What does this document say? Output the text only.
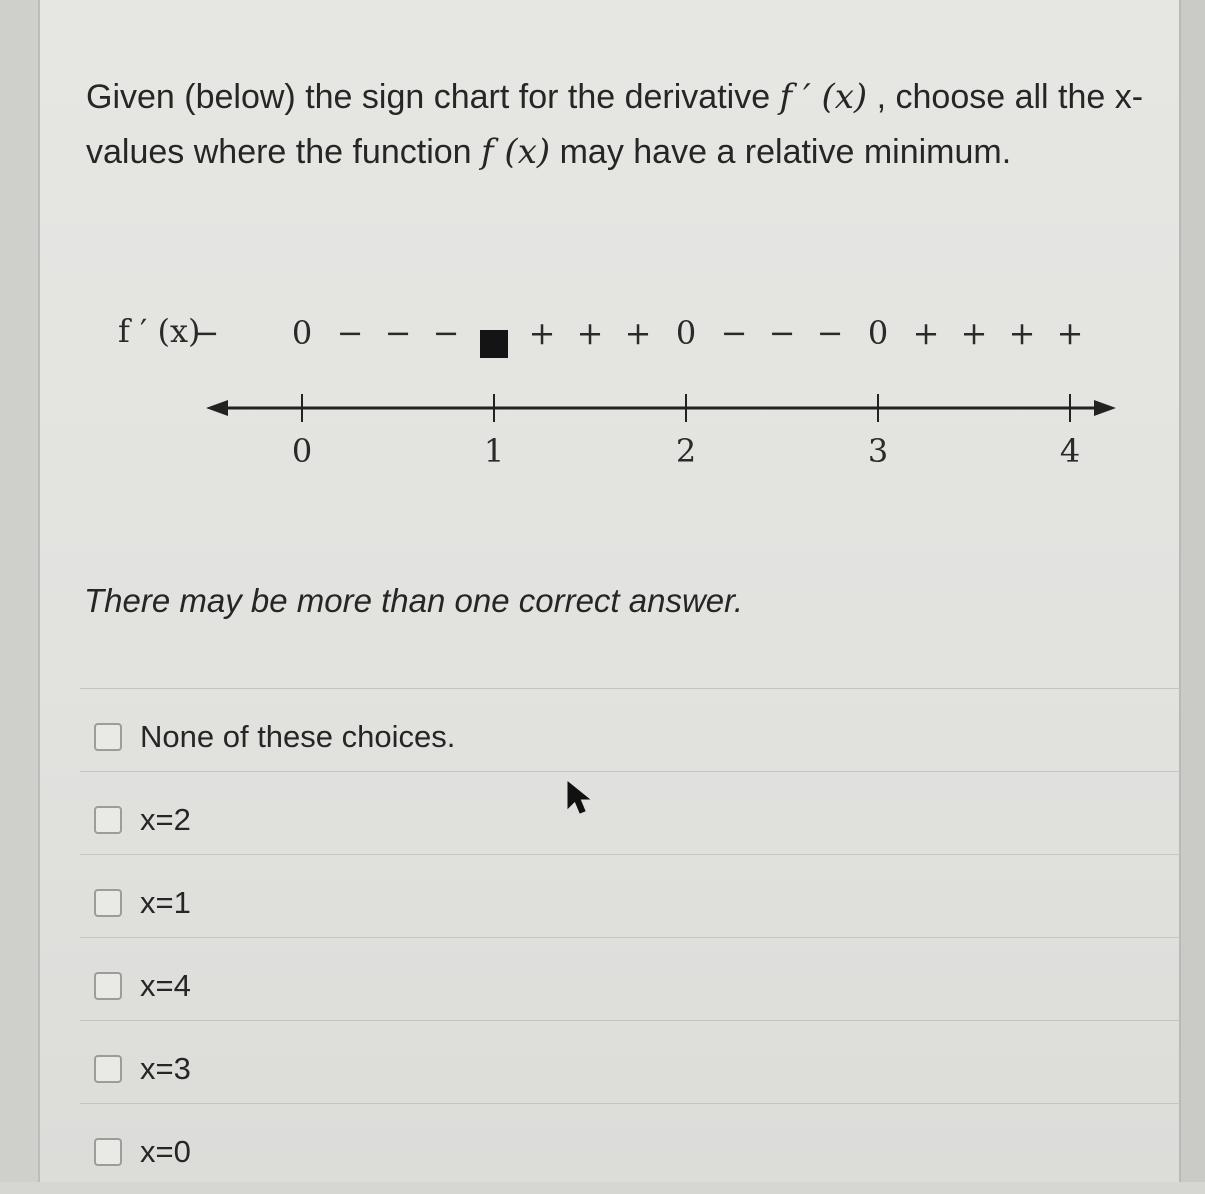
Given (below) the sign chart for the derivative f ′ (x) , choose all the x-values where the function f (x) may have a relative minimum.
f ′ (x)
− 0 − − − + + + 0 − − − 0 + + + +
0	1	2	3	4
There may be more than one correct answer.
None of these choices.
x=2
x=1
x=4
x=3
x=0
